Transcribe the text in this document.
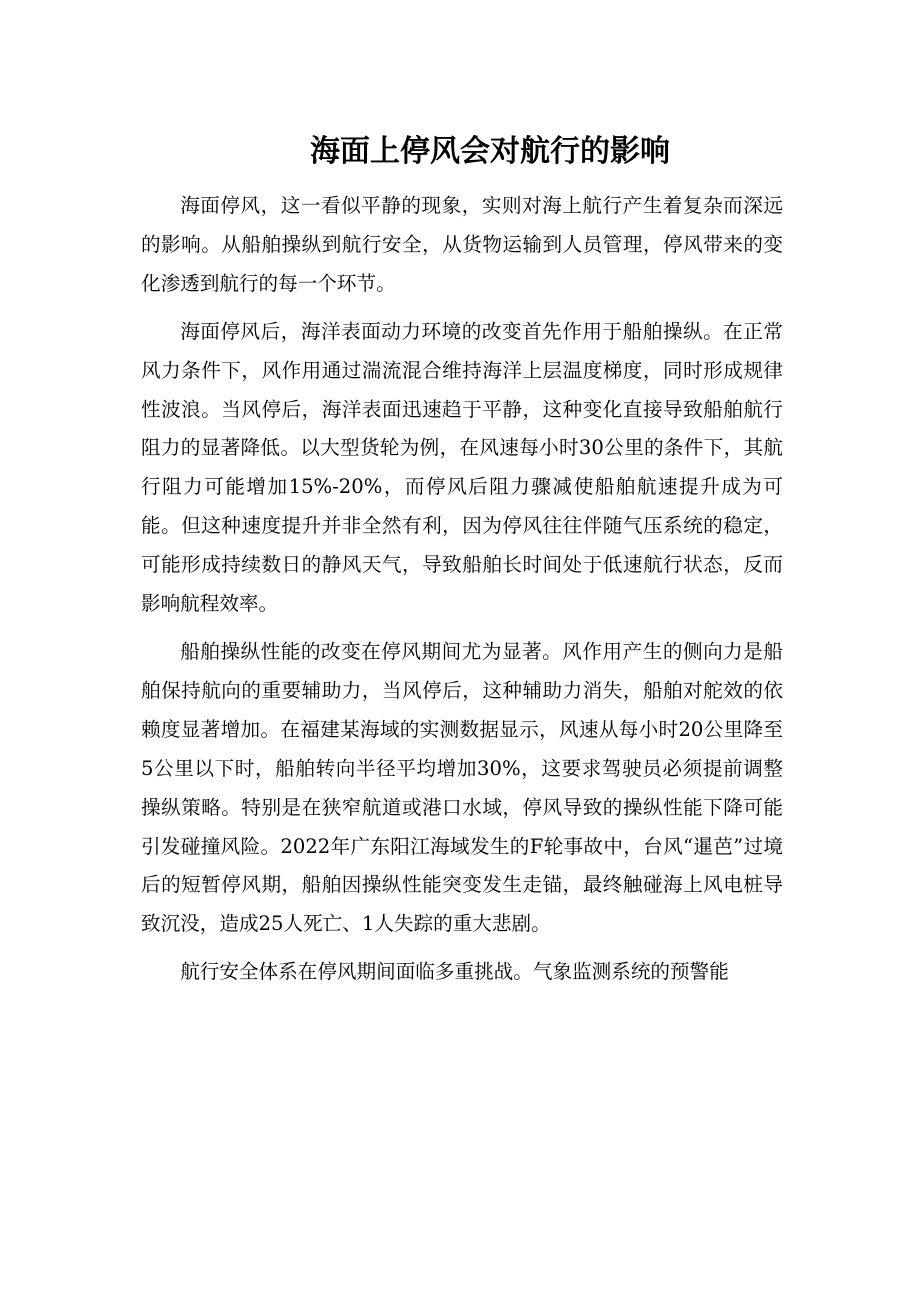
海面上停风会对航行的影响

海面停风，这一看似平静的现象，实则对海上航行产生着复杂而深远的影响。从船舶操纵到航行安全，从货物运输到人员管理，停风带来的变化渗透到航行的每一个环节。

海面停风后，海洋表面动力环境的改变首先作用于船舶操纵。在正常风力条件下，风作用通过湍流混合维持海洋上层温度梯度，同时形成规律性波浪。当风停后，海洋表面迅速趋于平静，这种变化直接导致船舶航行阻力的显著降低。以大型货轮为例，在风速每小时30公里的条件下，其航行阻力可能增加15%-20%，而停风后阻力骤减使船舶航速提升成为可能。但这种速度提升并非全然有利，因为停风往往伴随气压系统的稳定，可能形成持续数日的静风天气，导致船舶长时间处于低速航行状态，反而影响航程效率。

船舶操纵性能的改变在停风期间尤为显著。风作用产生的侧向力是船舶保持航向的重要辅助力，当风停后，这种辅助力消失，船舶对舵效的依赖度显著增加。在福建某海域的实测数据显示，风速从每小时20公里降至5公里以下时，船舶转向半径平均增加30%，这要求驾驶员必须提前调整操纵策略。特别是在狭窄航道或港口水域，停风导致的操纵性能下降可能引发碰撞风险。2022年广东阳江海域发生的F轮事故中，台风“暹芭”过境后的短暂停风期，船舶因操纵性能突变发生走锚，最终触碰海上风电桩导致沉没，造成25人死亡、1人失踪的重大悲剧。

航行安全体系在停风期间面临多重挑战。气象监测系统的预警能
